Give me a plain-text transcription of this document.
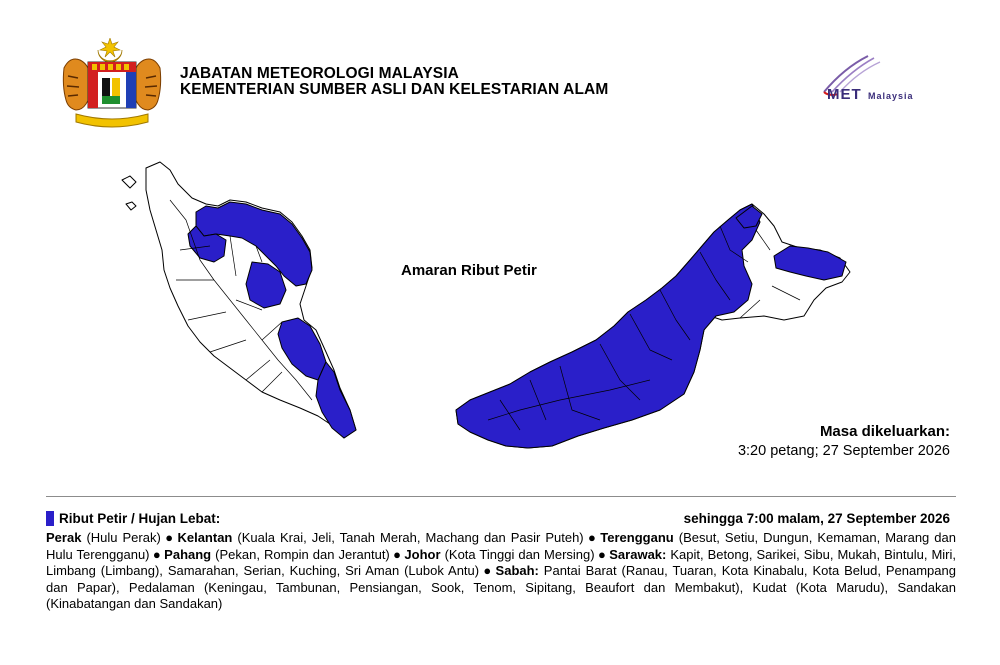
JABATAN METEOROLOGI MALAYSIA
KEMENTERIAN SUMBER ASLI DAN KELESTARIAN ALAM	MET Malaysia
Amaran Ribut Petir
Masa dikeluarkan:
3:20 petang; 27 September 2026
Ribut Petir / Hujan Lebat:	sehingga 7:00 malam, 27 September 2026
Perak (Hulu Perak) ● Kelantan (Kuala Krai, Jeli, Tanah Merah, Machang dan Pasir Puteh) ● Terengganu (Besut, Setiu, Dungun, Kemaman, Marang dan Hulu Terengganu) ● Pahang (Pekan, Rompin dan Jerantut) ● Johor (Kota Tinggi dan Mersing) ● Sarawak: Kapit, Betong, Sarikei, Sibu, Mukah, Bintulu, Miri, Limbang (Limbang), Samarahan, Serian, Kuching, Sri Aman (Lubok Antu) ● Sabah: Pantai Barat (Ranau, Tuaran, Kota Kinabalu, Kota Belud, Penampang dan Papar), Pedalaman (Keningau, Tambunan, Pensiangan, Sook, Tenom, Sipitang, Beaufort dan Membakut), Kudat (Kota Marudu), Sandakan (Kinabatangan dan Sandakan)
